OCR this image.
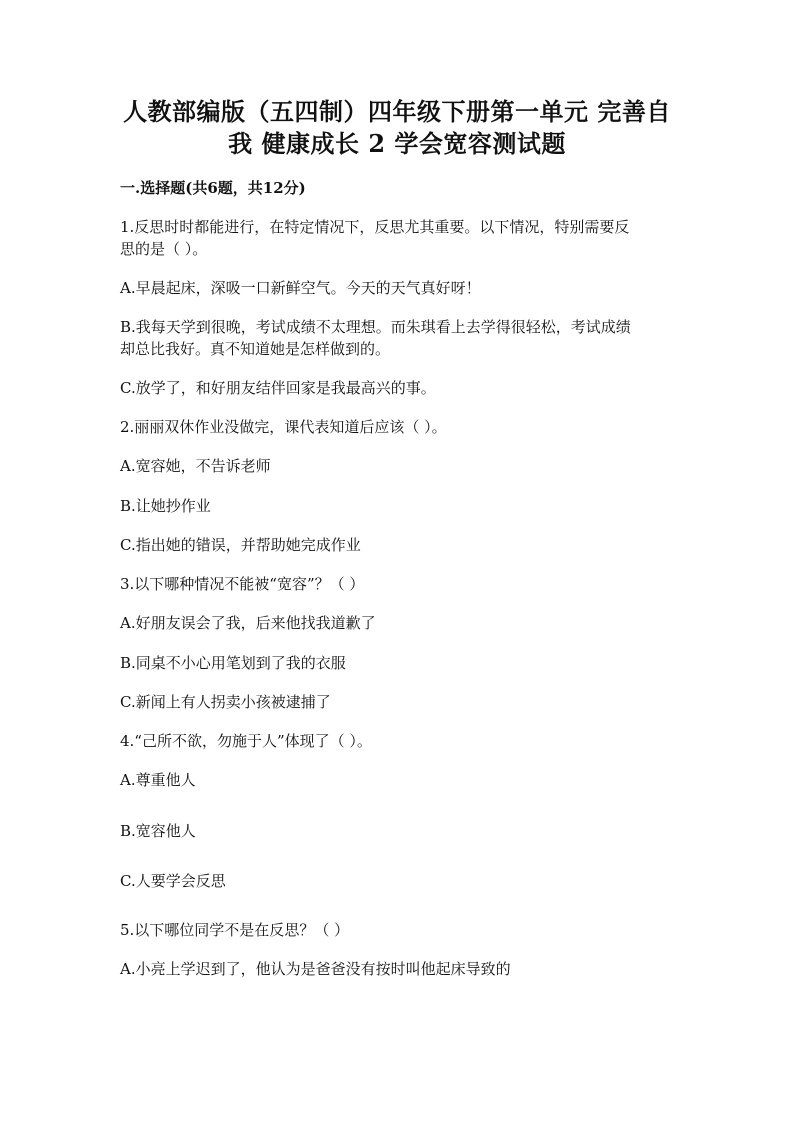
人教部编版（五四制）四年级下册第一单元 完善自
我 健康成长 2 学会宽容测试题
一.选择题(共6题，共12分)
1.反思时时都能进行，在特定情况下，反思尤其重要。以下情况，特别需要反
思的是（ ）。
A.早晨起床，深吸一口新鲜空气。今天的天气真好呀！
B.我每天学到很晚，考试成绩不太理想。而朱琪看上去学得很轻松，考试成绩
却总比我好。真不知道她是怎样做到的。
C.放学了，和好朋友结伴回家是我最高兴的事。
2.丽丽双休作业没做完，课代表知道后应该（ ）。
A.宽容她，不告诉老师
B.让她抄作业
C.指出她的错误，并帮助她完成作业
3.以下哪种情况不能被“宽容”？（ ）
A.好朋友误会了我，后来他找我道歉了
B.同桌不小心用笔划到了我的衣服
C.新闻上有人拐卖小孩被逮捕了
4.“己所不欲，勿施于人”体现了（ ）。
A.尊重他人
B.宽容他人
C.人要学会反思
5.以下哪位同学不是在反思？（ ）
A.小亮上学迟到了，他认为是爸爸没有按时叫他起床导致的
